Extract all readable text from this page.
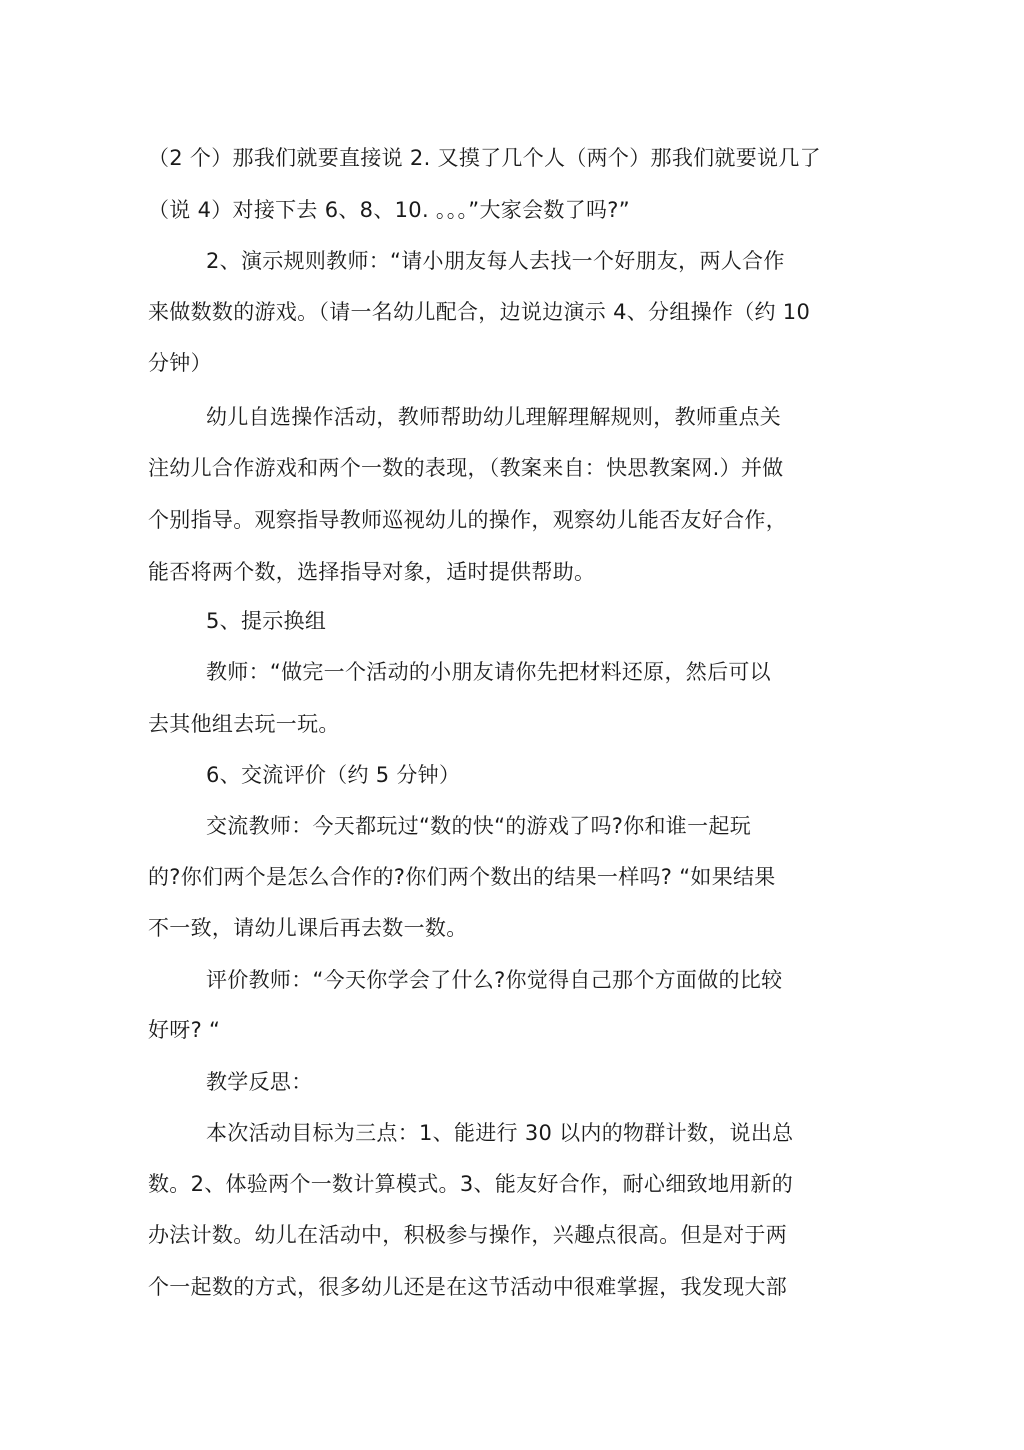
（2 个）那我们就要直接说 2. 又摸了几个人（两个）那我们就要说几了
（说 4）对接下去 6、8、10. 。。。”大家会数了吗?”
2、演示规则教师：“请小朋友每人去找一个好朋友，两人合作
来做数数的游戏。（请一名幼儿配合，边说边演示 4、分组操作（约 10
分钟）
幼儿自选操作活动，教师帮助幼儿理解理解规则，教师重点关
注幼儿合作游戏和两个一数的表现，（教案来自：快思教案网.）并做
个别指导。观察指导教师巡视幼儿的操作，观察幼儿能否友好合作，
能否将两个数，选择指导对象，适时提供帮助。
5、提示换组
教师：“做完一个活动的小朋友请你先把材料还原，然后可以
去其他组去玩一玩。
6、交流评价（约 5 分钟）
交流教师：今天都玩过“数的快“的游戏了吗?你和谁一起玩
的?你们两个是怎么合作的?你们两个数出的结果一样吗? “如果结果
不一致，请幼儿课后再去数一数。
评价教师：“今天你学会了什么?你觉得自己那个方面做的比较
好呀? “
教学反思：
本次活动目标为三点：1、能进行 30 以内的物群计数，说出总
数。2、体验两个一数计算模式。3、能友好合作，耐心细致地用新的
办法计数。幼儿在活动中，积极参与操作，兴趣点很高。但是对于两
个一起数的方式，很多幼儿还是在这节活动中很难掌握，我发现大部
